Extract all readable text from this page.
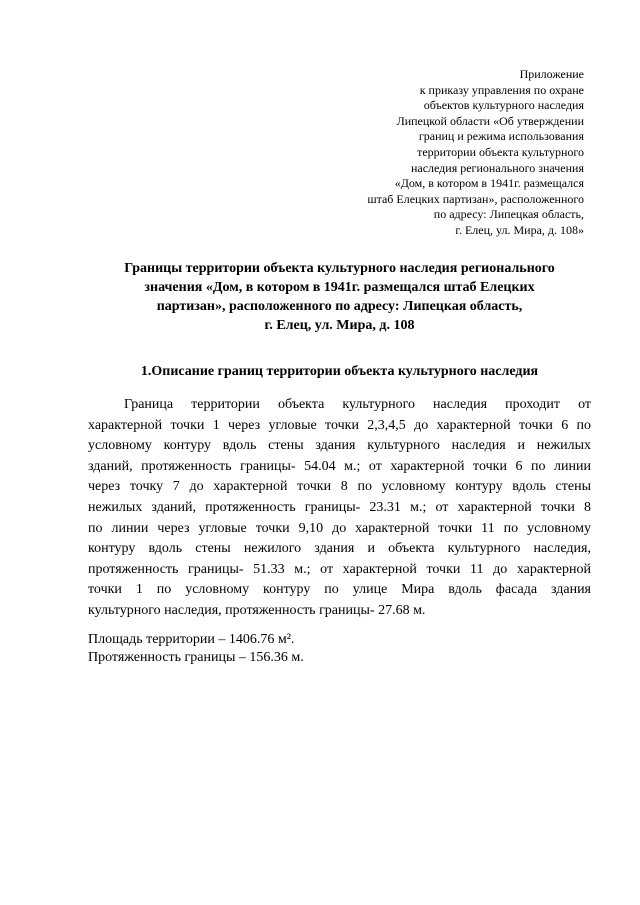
Приложение
к приказу управления по охране
объектов культурного наследия
Липецкой области «Об утверждении
границ и режима использования
территории объекта культурного
наследия регионального значения
«Дом, в котором в 1941г. размещался
штаб Елецких партизан», расположенного
по адресу: Липецкая область,
г. Елец, ул. Мира, д. 108»
Границы территории объекта культурного наследия регионального
значения «Дом, в котором в 1941г. размещался штаб Елецких
партизан», расположенного по адресу: Липецкая область,
г. Елец, ул. Мира, д. 108
1.Описание границ территории объекта культурного наследия
Граница территории объекта культурного наследия проходит от
характерной точки 1 через угловые точки 2,3,4,5 до характерной точки 6 по
условному контуру вдоль стены здания культурного наследия и нежилых
зданий, протяженность границы- 54.04 м.; от характерной точки 6 по линии
через точку 7 до характерной точки 8 по условному контуру вдоль стены
нежилых зданий, протяженность границы- 23.31 м.; от характерной точки 8
по линии через угловые точки 9,10 до характерной точки 11 по условному
контуру вдоль стены нежилого здания и объекта культурного наследия,
протяженность границы- 51.33 м.; от характерной точки 11 до характерной
точки 1 по условному контуру по улице Мира вдоль фасада здания
культурного наследия, протяженность границы- 27.68 м.
Площадь территории – 1406.76 м².
Протяженность границы – 156.36 м.
